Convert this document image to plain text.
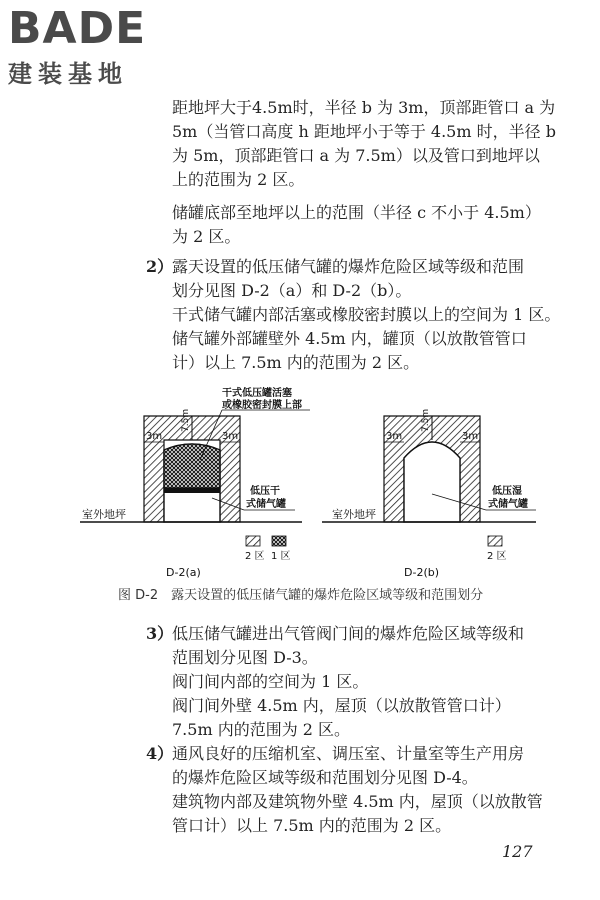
BADE
建装基地
距地坪大于4.5m时，半径 b 为 3m，顶部距管口 a 为
5m（当管口高度 h 距地坪小于等于 4.5m 时，半径 b
为 5m，顶部距管口 a 为 7.5m）以及管口到地坪以
上的范围为 2 区。
储罐底部至地坪以上的范围（半径 c 不小于 4.5m）
为 2 区。
2）
露天设置的低压储气罐的爆炸危险区域等级和范围
划分见图 D-2（a）和 D-2（b）。
干式储气罐内部活塞或橡胶密封膜以上的空间为 1 区。
储气罐外部罐壁外 4.5m 内，罐顶（以放散管管口
计）以上 7.5m 内的范围为 2 区。
7.5m
3m	3m
干式低压罐活塞
或橡胶密封膜上部
低压干
式储气罐
室外地坪
2 区 1 区
D-2(a)
7.5m
3m	3m
低压湿
式储气罐
室外地坪
2 区
D-2(b)
图 D-2　露天设置的低压储气罐的爆炸危险区域等级和范围划分
3）
低压储气罐进出气管阀门间的爆炸危险区域等级和
范围划分见图 D-3。
阀门间内部的空间为 1 区。
阀门间外壁 4.5m 内，屋顶（以放散管管口计）
7.5m 内的范围为 2 区。
4）
通风良好的压缩机室、调压室、计量室等生产用房
的爆炸危险区域等级和范围划分见图 D-4。
建筑物内部及建筑物外壁 4.5m 内，屋顶（以放散管
管口计）以上 7.5m 内的范围为 2 区。
127
